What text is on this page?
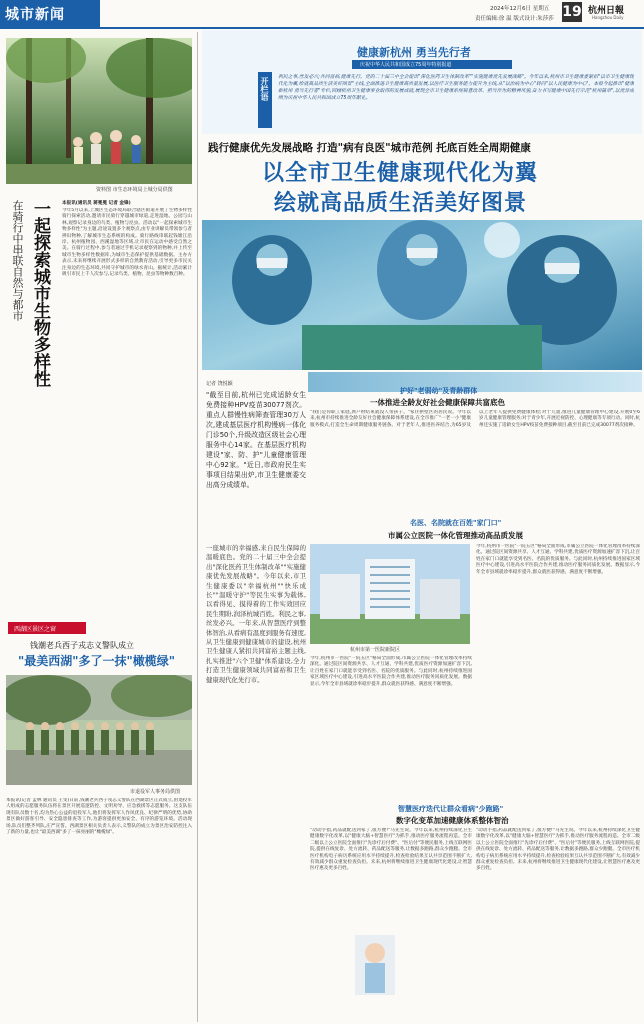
城市新闻	2024年12月6日 星期五
责任编辑:徐 温 版式设计:朱莎莎 19 杭州日報
Hangzhou Daily
资料图 市生态环境局上城分局供图
一起探索城市生物多样性
在骑行中串联自然与都市	本报讯(通讯员 蒋冕冕 记者 金锋)
今年5月以来,上城区生态环境局联合辖区街道开展了生物多样性骑行探索活动,邀请市民骑行穿越城市绿道,走进湿地、公园与山林,观察记录身边的鸟类、植物与昆虫。活动以"一起探索城市生物多样性"为主题,沿途设置多个观察点,由专业讲解员带领参与者辨识物种,了解城市生态系统的构成。骑行路线串联起钱塘江沿岸、杭州植物园、西溪湿地等区域,让市民在运动中感受自然之美。在骑行过程中,参与者通过手机记录观察到的物种,并上传至城市生物多样性数据库,为城市生态保护提供基础数据。主办方表示,未来将继续开展形式多样的自然教育活动,引导更多市民关注身边的生态环境,共同守护城市的绿水青山。据统计,活动累计吸引市民上千人次参与,记录鸟类、植物、昆虫等物种数百种。
西湖区景区之窗
钱潮老兵西子戎志义警队成立
"最美西湖"多了一抹"橄榄绿"
市退役军人事务局供图
本报讯(记者 孟林 通讯员 王雯)日前,钱潮老兵西子戎志义警队在西湖景区正式成立,由退役军人组成的志愿服务队伍将在景区开展巡逻防控、文明劝导、应急救援等志愿服务。这支队伍现有队员数十名,均为热心公益的退役军人,他们将发挥军人作风优良、纪律严明的优势,协助景区做好游客引导、安全隐患排查等工作,为游客提供更加安全、有序的游览环境。活动现场,队员们整齐列队,庄严宣誓。西湖景区相关负责人表示,义警队的成立为景区治安防控注入了新的力量,也让"最美西湖"多了一抹亮丽的"橄榄绿"。
健康新杭州 勇当先行者
庆祝中华人民共和国成立75周年特别报道
开栏语 利民之事,丝发必兴;共同富裕,健康先行。党的二十届三中全会提出"深化医药卫生体制改革""实施健康优先发展战略"。今年以来,杭州市卫生健康委紧扣"以市卫生健康现代化为翼,绘就高品质生活美好图景"主线,全面推进卫生健康高质量发展,以医疗卫生服务能力提升为主线,从"以治病为中心"转向"以人民健康为中心"。本报今起推出"健康新杭州 勇当先行者"专栏,回顾杭州卫生健康事业取得的发展成就,展现全市卫生健康系统锐意改革、担当作为的精神风貌,奋力书写健康中国先行示范"杭州篇章",以优异成绩为庆祝中华人民共和国成立75周年献礼。
践行健康优先发展战略 打造"病有良医"城市范例 托底百姓全周期健康
以全市卫生健康现代化为翼
绘就高品质生活美好图景
记者 饶悦颖
"截至目前,杭州已完成适龄女生免费接种HPV疫苗30077剂次。重点人群慢性病筛查管理30万人次,建成基层医疗机构慢病一体化门诊50个,升级改造区级社会心理服务中心14家。在基层医疗机构建设"家、防、护"儿童健康管理中心92家。"近日,市政府民生实事项目结果出炉,市卫生健康委交出高分成绩单。
一座城市的幸福感,来自民生保障的温暖底色。党的二十届三中全会提出"深化医药卫生体制改革""实施健康优先发展战略"。今年以来,市卫生健康委以"幸福杭州""快乐成长""温暖守护"等民生实事为载体,以看得见、摸得着的工作实效回应民生期盼,润泽杭城百姓。利民之事,丝发必兴。一年来,从智慧医疗到整体智治,从看病有温度到服务有速度,从卫生健康到健康城市的建设,杭州卫生健康人紧扣共同富裕主题主线,扎实推进"六个卫健"体系建设,全力打造卫生健康领域共同富裕和卫生健康现代化先行市。
护好"老弱幼"及青龄群体
一体推进全龄友好社会健康保障共富底色
"我们是你职工家庭,典户财结束就没人带孩子。"家住拱墅区的居民说。今年以来,杭州市持续推进全龄友好社会健康保障体系建设,在全市推广"一老一小"健康服务模式,打造全生命周期健康服务链条。对于老年人,推进医养结合,为65岁及以上老年人提供免费健康体检;对于儿童,推进儿童健康管理中心建设,开展0至6岁儿童健康管理服务;对于青少年,开展近视防控、心理健康等专项行动。同时,杭州还实施了适龄女生HPV疫苗免费接种项目,截至目前已完成30077剂次接种。
名医、名院就在百姓"家门口"
市属公立医院一体化管理推动高品质发展
杭州市第一医院新院区
今年,杭州市一医院"一院五区"格局全面形成,市属公立医院一体化管理改革持续深化。通过院区间资源共享、人才互通、学科共建,优质医疗资源加速扩容下沉,让百姓在家门口就能享受到名医、名院的优质服务。与此同时,杭州持续推进国家区域医疗中心建设,引进高水平医院合作共建,推动医疗服务同质化发展。数据显示,今年全市县域就诊率稳步提升,群众就医获得感、满意度不断增强。
今年,杭州市一医院"一院五区"格局全面形成,市属公立医院一体化管理改革持续深化。通过院区间资源共享、人才互通、学科共建,优质医疗资源加速扩容下沉,让百姓在家门口就能享受到名医、名院的优质服务。与此同时,杭州持续推进国家区域医疗中心建设,引进高水平医院合作共建,推动医疗服务同质化发展。数据显示,今年全市县域就诊率稳步提升,群众就医获得感、满意度不断增强。
智慧医疗迭代让群众看病"少跑路"
数字化变革加速健康体系整体智治
"动动手指,药品就配送到家了,很方便!"马先生说。今年以来,杭州持续深化卫生健康数字化改革,以"健康大脑+智慧医疗"为抓手,推动医疗服务流程再造。全市二级以上公立医院全面推行"先诊疗后付费"、"医后付"等便民服务,上线互联网医院,提供在线复诊、处方流转、药品配送等服务,让数据多跑路,群众少跑腿。全市医疗机构电子病历系统应用水平持续提升,检查检验结果互认共享范围不断扩大,有效减少群众重复检查负担。未来,杭州将继续推进卫生健康现代化建设,让智慧医疗惠及更多百姓。
"动动手指,药品就配送到家了,很方便!"马先生说。今年以来,杭州持续深化卫生健康数字化改革,以"健康大脑+智慧医疗"为抓手,推动医疗服务流程再造。全市二级以上公立医院全面推行"先诊疗后付费"、"医后付"等便民服务,上线互联网医院,提供在线复诊、处方流转、药品配送等服务,让数据多跑路,群众少跑腿。全市医疗机构电子病历系统应用水平持续提升,检查检验结果互认共享范围不断扩大,有效减少群众重复检查负担。未来,杭州将继续推进卫生健康现代化建设,让智慧医疗惠及更多百姓。
